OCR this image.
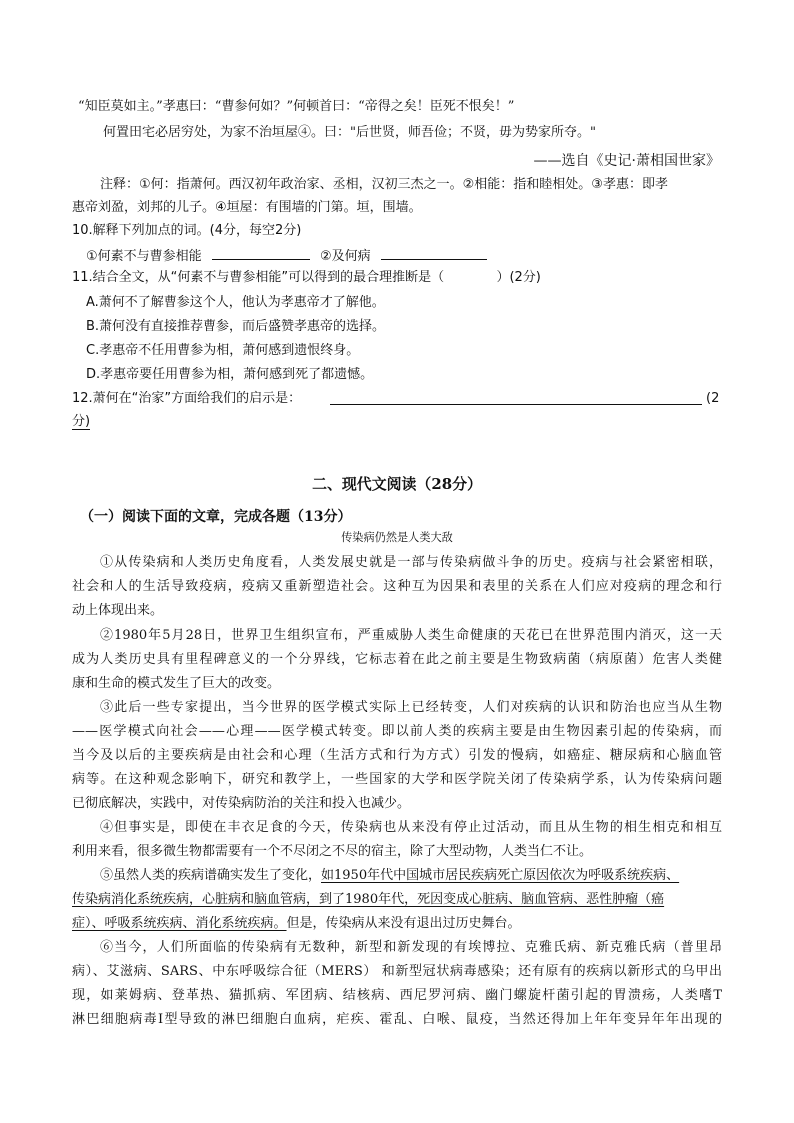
“知臣莫如主。”孝惠曰：“曹参何如？”何顿首曰：“帝得之矣！臣死不恨矣！”
何置田宅必居穷处，为家不治垣屋④。曰："后世贤，师吾俭；不贤，毋为势家所夺。"
——选自《史记·萧相国世家》
注释：①何：指萧何。西汉初年政治家、丞相，汉初三杰之一。②相能：指和睦相处。③孝惠：即孝
惠帝刘盈，刘邦的儿子。④垣屋：有围墙的门第。垣，围墙。
10.解释下列加点的词。(4分，每空2分)
①何素不与曹参相能	②及何病
11.结合全文，从“何素不与曹参相能”可以得到的最合理推断是（	）(2分)
A.萧何不了解曹参这个人，他认为孝惠帝才了解他。
B.萧何没有直接推荐曹参，而后盛赞孝惠帝的选择。
C.孝惠帝不任用曹参为相，萧何感到遗恨终身。
D.孝惠帝要任用曹参为相，萧何感到死了都遗憾。
12.萧何在“治家”方面给我们的启示是：	(2
分)
二、现代文阅读（28分）
（一）阅读下面的文章，完成各题（13分）
传染病仍然是人类大敌
①从传染病和人类历史角度看，人类发展史就是一部与传染病做斗争的历史。疫病与社会紧密相联，
社会和人的生活导致疫病，疫病又重新塑造社会。这种互为因果和表里的关系在人们应对疫病的理念和行
动上体现出来。
②1980年5月28日，世界卫生组织宣布，严重威胁人类生命健康的天花已在世界范围内消灭，这一天
成为人类历史具有里程碑意义的一个分界线，它标志着在此之前主要是生物致病菌（病原菌）危害人类健
康和生命的模式发生了巨大的改变。
③此后一些专家提出，当今世界的医学模式实际上已经转变，人们对疾病的认识和防治也应当从生物
——医学模式向社会——心理——医学模式转变。即以前人类的疾病主要是由生物因素引起的传染病，而
当今及以后的主要疾病是由社会和心理（生活方式和行为方式）引发的慢病，如癌症、糖尿病和心脑血管
病等。在这种观念影响下，研究和教学上，一些国家的大学和医学院关闭了传染病学系，认为传染病问题
已彻底解决，实践中，对传染病防治的关注和投入也减少。
④但事实是，即使在丰衣足食的今天，传染病也从来没有停止过活动，而且从生物的相生相克和相互
利用来看，很多微生物都需要有一个不尽闭之不尽的宿主，除了大型动物，人类当仁不让。
⑤虽然人类的疾病谱确实发生了变化，如1950年代中国城市居民疾病死亡原因依次为呼吸系统疾病、
传染病消化系统疾病，心脏病和脑血管病，到了1980年代，死因变成心脏病、脑血管病、恶性肿瘤（癌
症）、呼吸系统疾病、消化系统疾病。但是，传染病从来没有退出过历史舞台。
⑥当今，人们所面临的传染病有无数种，新型和新发现的有埃博拉、克雅氏病、新克雅氏病（普里昂
病）、艾滋病、SARS、中东呼吸综合征（MERS） 和新型冠状病毒感染；还有原有的疾病以新形式的乌甲出
现，如莱姆病、登革热、猫抓病、军团病、结核病、西尼罗河病、幽门螺旋杆菌引起的胃溃疡，人类嗜T
淋巴细胞病毒Ⅰ型导致的淋巴细胞白血病，疟疾、霍乱、白喉、鼠疫，当然还得加上年年变异年年出现的
